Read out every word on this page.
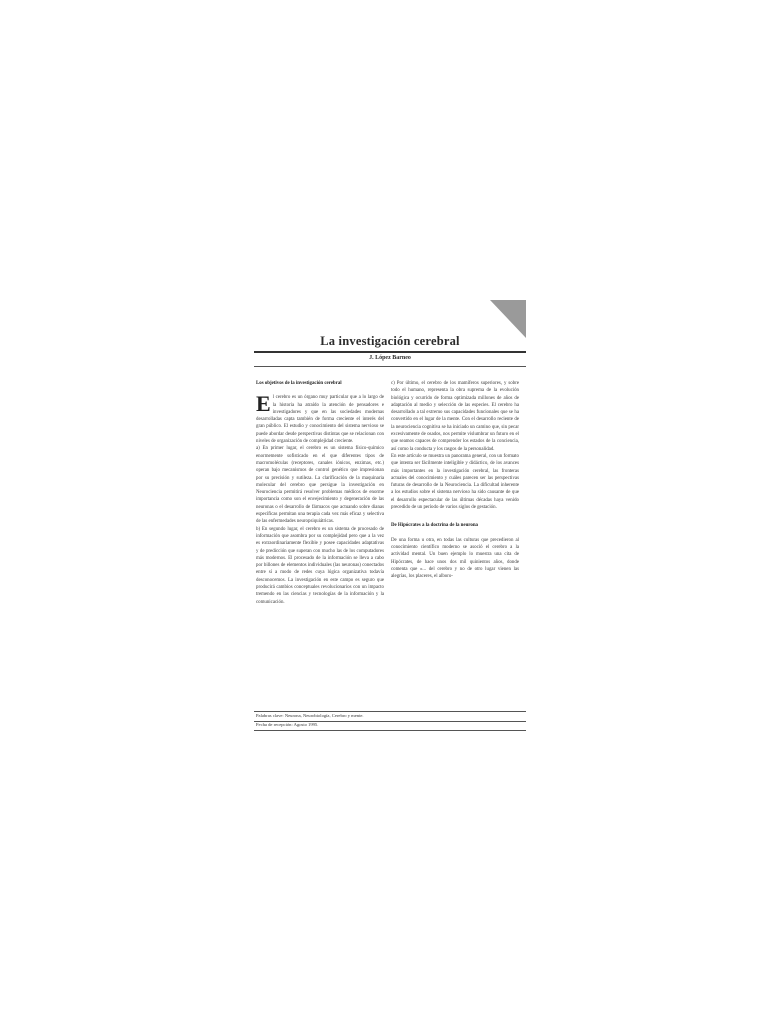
La investigación cerebral
J. López Barneo

Los objetivos de la investigación cerebral

El cerebro es un órgano muy particular que a lo largo de la historia ha atraído la atención de pensadores e investigadores y que en las sociedades modernas desarrolladas capta también de forma creciente el interés del gran público. El estudio y conocimiento del sistema nervioso se puede abordar desde perspectivas distintas que se relacionan con niveles de organización de complejidad creciente.

a) En primer lugar, el cerebro es un sistema físico-químico enormemente sofisticado en el que diferentes tipos de macromoléculas (receptores, canales iónicos, enzimas, etc.) operan bajo mecanismos de control genético que impresionan por su precisión y sutileza. La clarificación de la maquinaria molecular del cerebro que persigue la investigación en Neurociencia permitirá resolver problemas médicos de enorme importancia como son el envejecimiento y degeneración de las neuronas o el desarrollo de fármacos que actuando sobre dianas específicas permitan una terapia cada vez más eficaz y selectiva de las enfermedades neuropsiquiátricas.

b) En segundo lugar, el cerebro es un sistema de procesado de información que asombra por su complejidad pero que a la vez es extraordinariamente flexible y posee capacidades adaptativas y de predicción que superan con mucho las de los computadores más modernos. El procesado de la información se lleva a cabo por billones de elementos individuales (las neuronas) conectados entre sí a modo de redes cuya lógica organizativa todavía desconocemos. La investigación en este campo es seguro que producirá cambios conceptuales revolucionarios con un impacto tremendo en las ciencias y tecnologías de la información y la comunicación.

c) Por último, el cerebro de los mamíferos superiores, y sobre todo el humano, representa la obra suprema de la evolución biológica y ocurrido de forma optimizada millones de años de adaptación al medio y selección de las especies. El cerebro ha desarrollado a tal extremo sus capacidades funcionales que se ha convertido en el lugar de la mente. Con el desarrollo reciente de la neurociencia cognitiva se ha iniciado un camino que, sin pecar excesivamente de osados, nos permite vislumbrar un futuro en el que seamos capaces de comprender los estados de la conciencia, así como la conducta y los rasgos de la personalidad.

En este artículo se muestra un panorama general, con un formato que intenta ser fácilmente inteligible y didáctico, de los avances más importantes en la investigación cerebral, las fronteras actuales del conocimiento y cuáles parecen ser las perspectivas futuras de desarrollo de la Neurociencia. La dificultad inherente a los estudios sobre el sistema nervioso ha sido causante de que el desarrollo espectacular de las últimas décadas haya venido precedido de un período de varios siglos de gestación.

De Hipócrates a la doctrina de la neurona

De una forma u otra, en todas las culturas que precedieron al conocimiento científico moderno se asoció el cerebro a la actividad mental. Un buen ejemplo lo muestra una cita de Hipócrates, de hace unos dos mil quinientos años, donde comenta que «... del cerebro y no de otro lugar vienen las alegrías, los placeres, el alboro-

Palabras clave: Neurona, Neurobiología, Cerebro y mente.
Fecha de recepción: Agosto 1995.
